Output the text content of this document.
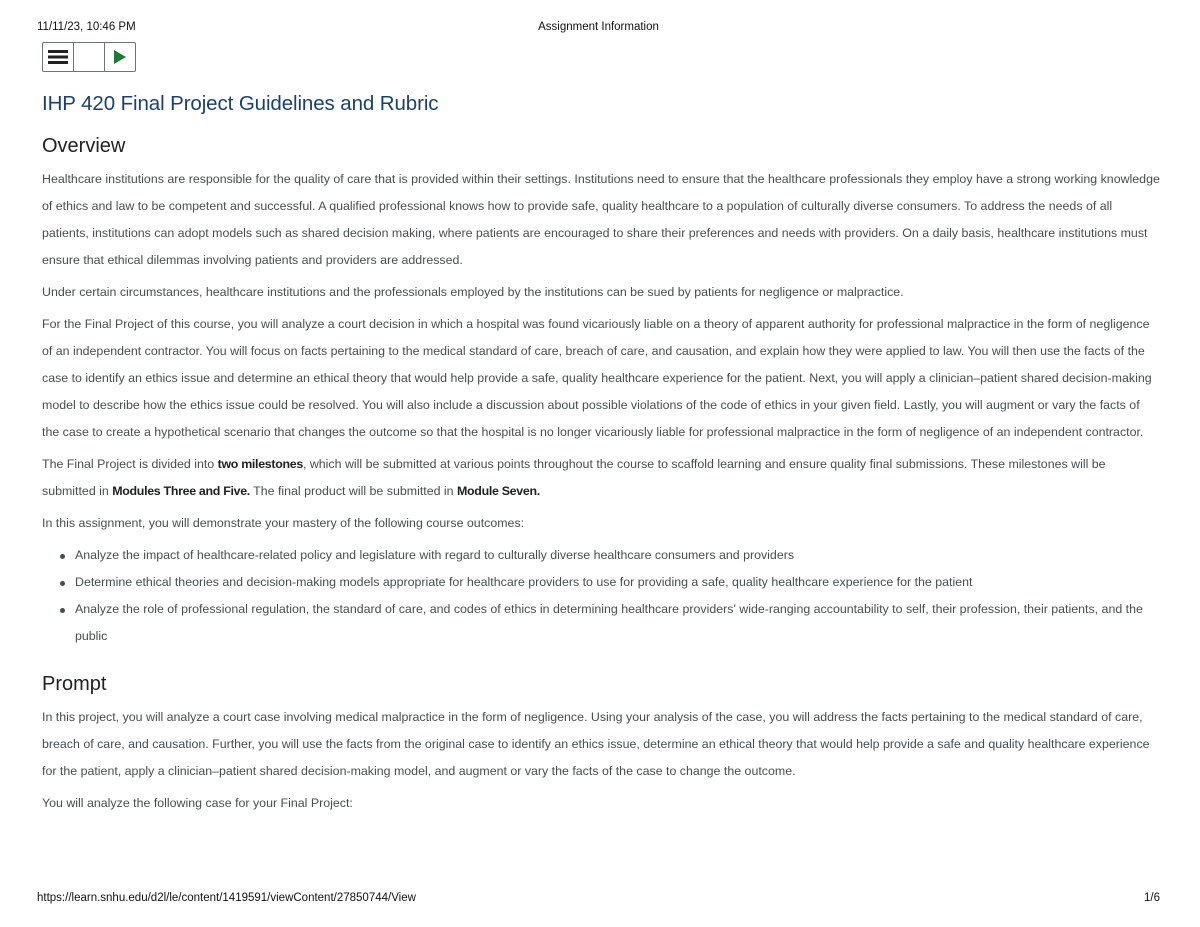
11/11/23, 10:46 PM	Assignment Information
IHP 420 Final Project Guidelines and Rubric
Overview

Healthcare institutions are responsible for the quality of care that is provided within their settings. Institutions need to ensure that the healthcare professionals they employ have a strong working knowledge of ethics and law to be competent and successful. A qualified professional knows how to provide safe, quality healthcare to a population of culturally diverse consumers. To address the needs of all patients, institutions can adopt models such as shared decision making, where patients are encouraged to share their preferences and needs with providers. On a daily basis, healthcare institutions must ensure that ethical dilemmas involving patients and providers are addressed.

Under certain circumstances, healthcare institutions and the professionals employed by the institutions can be sued by patients for negligence or malpractice.

For the Final Project of this course, you will analyze a court decision in which a hospital was found vicariously liable on a theory of apparent authority for professional malpractice in the form of negligence of an independent contractor. You will focus on facts pertaining to the medical standard of care, breach of care, and causation, and explain how they were applied to law. You will then use the facts of the case to identify an ethics issue and determine an ethical theory that would help provide a safe, quality healthcare experience for the patient. Next, you will apply a clinician–patient shared decision-making model to describe how the ethics issue could be resolved. You will also include a discussion about possible violations of the code of ethics in your given field. Lastly, you will augment or vary the facts of the case to create a hypothetical scenario that changes the outcome so that the hospital is no longer vicariously liable for professional malpractice in the form of negligence of an independent contractor.

The Final Project is divided into two milestones, which will be submitted at various points throughout the course to scaffold learning and ensure quality final submissions. These milestones will be submitted in Modules Three and Five. The final product will be submitted in Module Seven.

In this assignment, you will demonstrate your mastery of the following course outcomes:

Analyze the impact of healthcare-related policy and legislature with regard to culturally diverse healthcare consumers and providers
Determine ethical theories and decision-making models appropriate for healthcare providers to use for providing a safe, quality healthcare experience for the patient
Analyze the role of professional regulation, the standard of care, and codes of ethics in determining healthcare providers' wide-ranging accountability to self, their profession, their patients, and the public
Prompt

In this project, you will analyze a court case involving medical malpractice in the form of negligence. Using your analysis of the case, you will address the facts pertaining to the medical standard of care, breach of care, and causation. Further, you will use the facts from the original case to identify an ethics issue, determine an ethical theory that would help provide a safe and quality healthcare experience for the patient, apply a clinician–patient shared decision-making model, and augment or vary the facts of the case to change the outcome.

You will analyze the following case for your Final Project:

https://learn.snhu.edu/d2l/le/content/1419591/viewContent/27850744/View	1/6
